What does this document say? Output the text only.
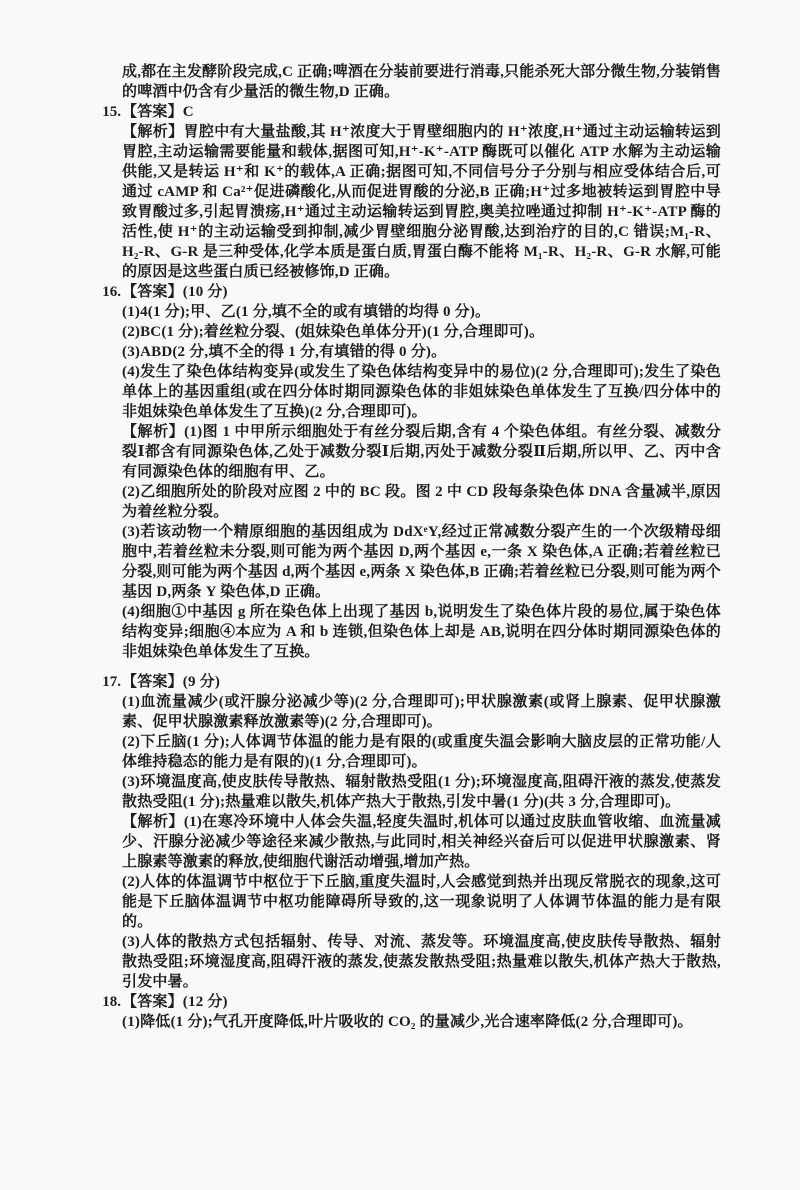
成,都在主发酵阶段完成,C 正确;啤酒在分装前要进行消毒,只能杀死大部分微生物,分装销售的啤酒中仍含有少量活的微生物,D 正确。

15. 【答案】C

【解析】胃腔中有大量盐酸,其 H⁺浓度大于胃壁细胞内的 H⁺浓度,H⁺通过主动运输转运到胃腔,主动运输需要能量和载体,据图可知,H⁺-K⁺-ATP 酶既可以催化 ATP 水解为主动运输供能,又是转运 H⁺和 K⁺的载体,A 正确;据图可知,不同信号分子分别与相应受体结合后,可通过 cAMP 和 Ca²⁺促进磷酸化,从而促进胃酸的分泌,B 正确;H⁺过多地被转运到胃腔中导致胃酸过多,引起胃溃疡,H⁺通过主动运输转运到胃腔,奥美拉唑通过抑制 H⁺-K⁺-ATP 酶的活性,使 H⁺的主动运输受到抑制,减少胃壁细胞分泌胃酸,达到治疗的目的,C 错误;M₁-R、H₂-R、G-R 是三种受体,化学本质是蛋白质,胃蛋白酶不能将 M₁-R、H₂-R、G-R 水解,可能的原因是这些蛋白质已经被修饰,D 正确。

16. 【答案】(10 分)

(1)4(1 分);甲、乙(1 分,填不全的或有填错的均得 0 分)。

(2)BC(1 分);着丝粒分裂、(姐妹染色单体分开)(1 分,合理即可)。

(3)ABD(2 分,填不全的得 1 分,有填错的得 0 分)。

(4)发生了染色体结构变异(或发生了染色体结构变异中的易位)(2 分,合理即可);发生了染色单体上的基因重组(或在四分体时期同源染色体的非姐妹染色单体发生了互换/四分体中的非姐妹染色单体发生了互换)(2 分,合理即可)。

【解析】(1)图 1 中甲所示细胞处于有丝分裂后期,含有 4 个染色体组。有丝分裂、减数分裂Ⅰ都含有同源染色体,乙处于减数分裂Ⅰ后期,丙处于减数分裂Ⅱ后期,所以甲、乙、丙中含有同源染色体的细胞有甲、乙。

(2)乙细胞所处的阶段对应图 2 中的 BC 段。图 2 中 CD 段每条染色体 DNA 含量减半,原因为着丝粒分裂。

(3)若该动物一个精原细胞的基因组成为 DdXᵉY,经过正常减数分裂产生的一个次级精母细胞中,若着丝粒未分裂,则可能为两个基因 D,两个基因 e,一条 X 染色体,A 正确;若着丝粒已分裂,则可能为两个基因 d,两个基因 e,两条 X 染色体,B 正确;若着丝粒已分裂,则可能为两个基因 D,两条 Y 染色体,D 正确。

(4)细胞①中基因 g 所在染色体上出现了基因 b,说明发生了染色体片段的易位,属于染色体结构变异;细胞④本应为 A 和 b 连锁,但染色体上却是 AB,说明在四分体时期同源染色体的非姐妹染色单体发生了互换。

17. 【答案】(9 分)

(1)血流量减少(或汗腺分泌减少等)(2 分,合理即可);甲状腺激素(或肾上腺素、促甲状腺激素、促甲状腺激素释放激素等)(2 分,合理即可)。

(2)下丘脑(1 分);人体调节体温的能力是有限的(或重度失温会影响大脑皮层的正常功能/人体维持稳态的能力是有限的)(1 分,合理即可)。

(3)环境温度高,使皮肤传导散热、辐射散热受阻(1 分);环境湿度高,阻碍汗液的蒸发,使蒸发散热受阻(1 分);热量难以散失,机体产热大于散热,引发中暑(1 分)(共 3 分,合理即可)。

【解析】(1)在寒冷环境中人体会失温,轻度失温时,机体可以通过皮肤血管收缩、血流量减少、汗腺分泌减少等途径来减少散热,与此同时,相关神经兴奋后可以促进甲状腺激素、肾上腺素等激素的释放,使细胞代谢活动增强,增加产热。

(2)人体的体温调节中枢位于下丘脑,重度失温时,人会感觉到热并出现反常脱衣的现象,这可能是下丘脑体温调节中枢功能障碍所导致的,这一现象说明了人体调节体温的能力是有限的。

(3)人体的散热方式包括辐射、传导、对流、蒸发等。环境温度高,使皮肤传导散热、辐射散热受阻;环境湿度高,阻碍汗液的蒸发,使蒸发散热受阻;热量难以散失,机体产热大于散热,引发中暑。

18. 【答案】(12 分)

(1)降低(1 分);气孔开度降低,叶片吸收的 CO₂ 的量减少,光合速率降低(2 分,合理即可)。
